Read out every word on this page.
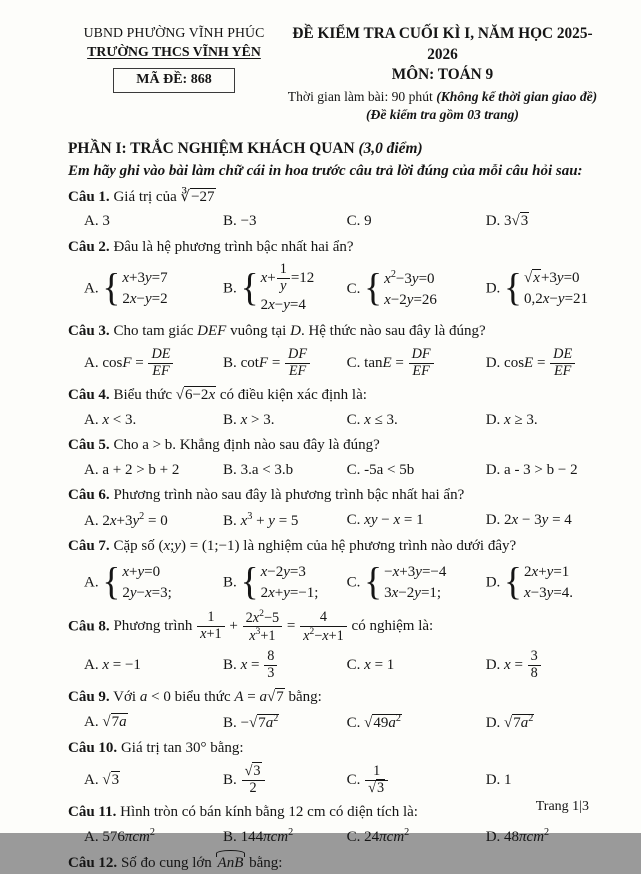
UBND PHƯỜNG VĨNH PHÚC
TRƯỜNG THCS VĨNH YÊN
MÃ ĐỀ: 868
ĐỀ KIỂM TRA CUỐI KÌ I, NĂM HỌC 2025-2026
MÔN: TOÁN 9
Thời gian làm bài: 90 phút (Không kể thời gian giao đề)
(Đề kiểm tra gồm 03 trang)
PHẦN I: TRẮC NGHIỆM KHÁCH QUAN (3,0 điểm)
Em hãy ghi vào bài làm chữ cái in hoa trước câu trả lời đúng của mỗi câu hỏi sau:
Câu 1. Giá trị của ∛−27
A. 3	B. −3	C. 9	D. 3√3
Câu 2. Đâu là hệ phương trình bậc nhất hai ẩn?
A. { x+3y=7
2x−y=2
B. { $x+ \frac{1}{y} =12$
2x−y=4
C. { $x^2-3y=0$
x−2y=26
D. { √x+3y=0
0,2x−y=21
Câu 3. Cho tam giác DEF vuông tại D. Hệ thức nào sau đây là đúng?
A. $\cos F = \frac{DE}{EF}$	B. $\cot F = \frac{DF}{EF} C$. $\tan E = \frac{DF}{EF}$	D. $\cos E = \frac{DE}{EF}$
Câu 4. Biểu thức √6−2x có điều kiện xác định là:
A. x < 3.	B. x > 3.	C. x ≤ 3.	D. x ≥ 3.
Câu 5. Cho a > b. Khẳng định nào sau đây là đúng?
A. a + 2 > b + 2	B. 3.a < 3.b	C. -5a < 5b	D. a - 3 > b − 2
Câu 6. Phương trình nào sau đây là phương trình bậc nhất hai ẩn?
A. $2x+3y^2 = 0$	B. $x^3 + y = 5$	C. xy − x = 1	D. 2x − 3y = 4
Câu 7. Cặp số (x;y) = (1;−1) là nghiệm của hệ phương trình nào dưới đây?
A. { x+y=0
2y−x=3;
B. { x−2y=3
2x+y=−1;
C. { −x+3y=−4
3x−2y=1;
D. { 2x+y=1
x−3y=4.
Câu 8. Phương trình $\frac{1}{x+1} + \frac{2x^2-5}{x^3+1} = \frac{4}{x^2-x+1}$ có nghiệm là:
A. x = −1	B. $x = \frac{8}{3}$	C. x = 1	D. $x = \frac{3}{8}$
Câu 9. Với a < 0 biểu thức A = a√7 bằng:
A. √7a	B. $-√7a^2$	C. $√49a^2$	D. $√7a^2$
Câu 10. Giá trị tan 30° bằng:
A. √3	B. $\frac{√3}{2}$	C. $\frac{1}{√3}$	D. 1
Câu 11. Hình tròn có bán kính bằng 12 cm có diện tích là:
A. 576πcm$^2$	B. 144πcm$^2$	C. 24πcm$^2$	D. 48πcm$^2$
Câu 12. Số đo cung lớn AnB bằng:
Trang 1|3
